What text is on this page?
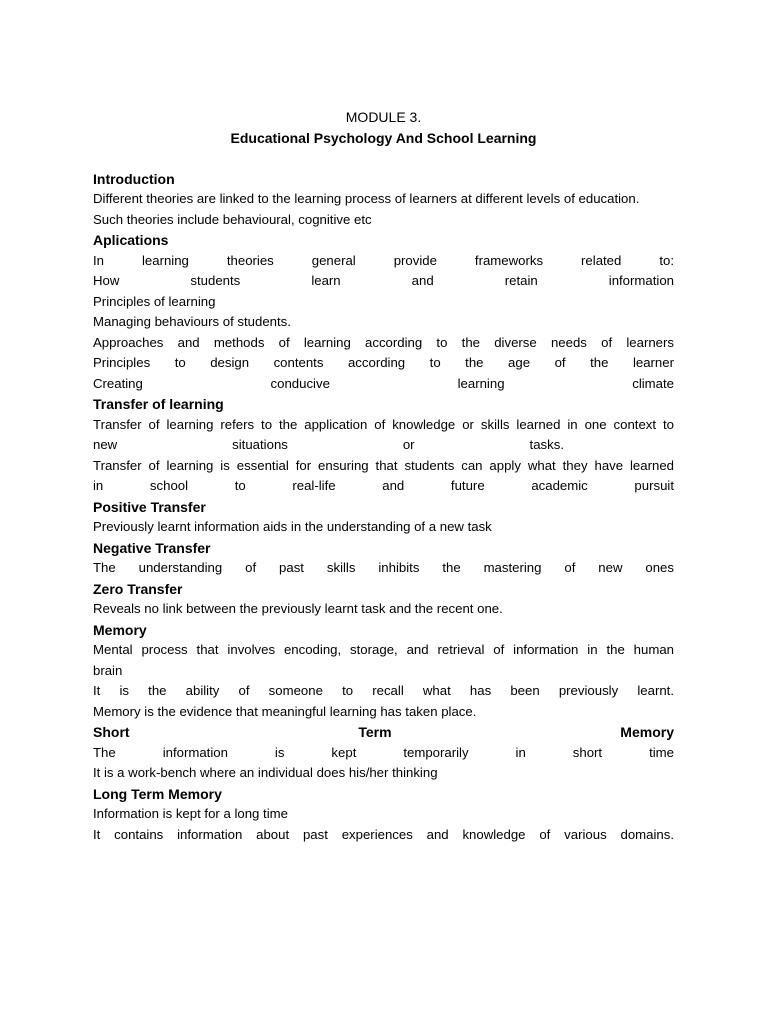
MODULE 3.

Educational Psychology And School Learning

Introduction

Different theories are linked to the learning process of learners at different levels of education.

Such theories include behavioural, cognitive etc

Aplications

In learning theories general provide frameworks related to:

How students learn and retain information

Principles of learning

Managing behaviours of students.

Approaches and methods of learning according to the diverse needs of learners

Principles to design contents according to the age of the learner

Creating conducive learning climate

Transfer of learning

Transfer of learning refers to the application of knowledge or skills learned in one context to

new situations or tasks.

Transfer of learning is essential for ensuring that students can apply what they have learned

in school to real-life and future academic pursuit

Positive Transfer

Previously learnt information aids in the understanding of a new task

Negative Transfer

The understanding of past skills inhibits the mastering of new ones

Zero Transfer

Reveals no link between the previously learnt task and the recent one.

Memory

Mental process that involves encoding, storage, and retrieval of information in the human

brain

It is the ability of someone to recall what has been previously learnt.

Memory is the evidence that meaningful learning has taken place.

Short Term Memory

The information is kept temporarily in short time

It is a work-bench where an individual does his/her thinking

Long Term Memory

Information is kept for a long time

It contains information about past experiences and knowledge of various domains.
